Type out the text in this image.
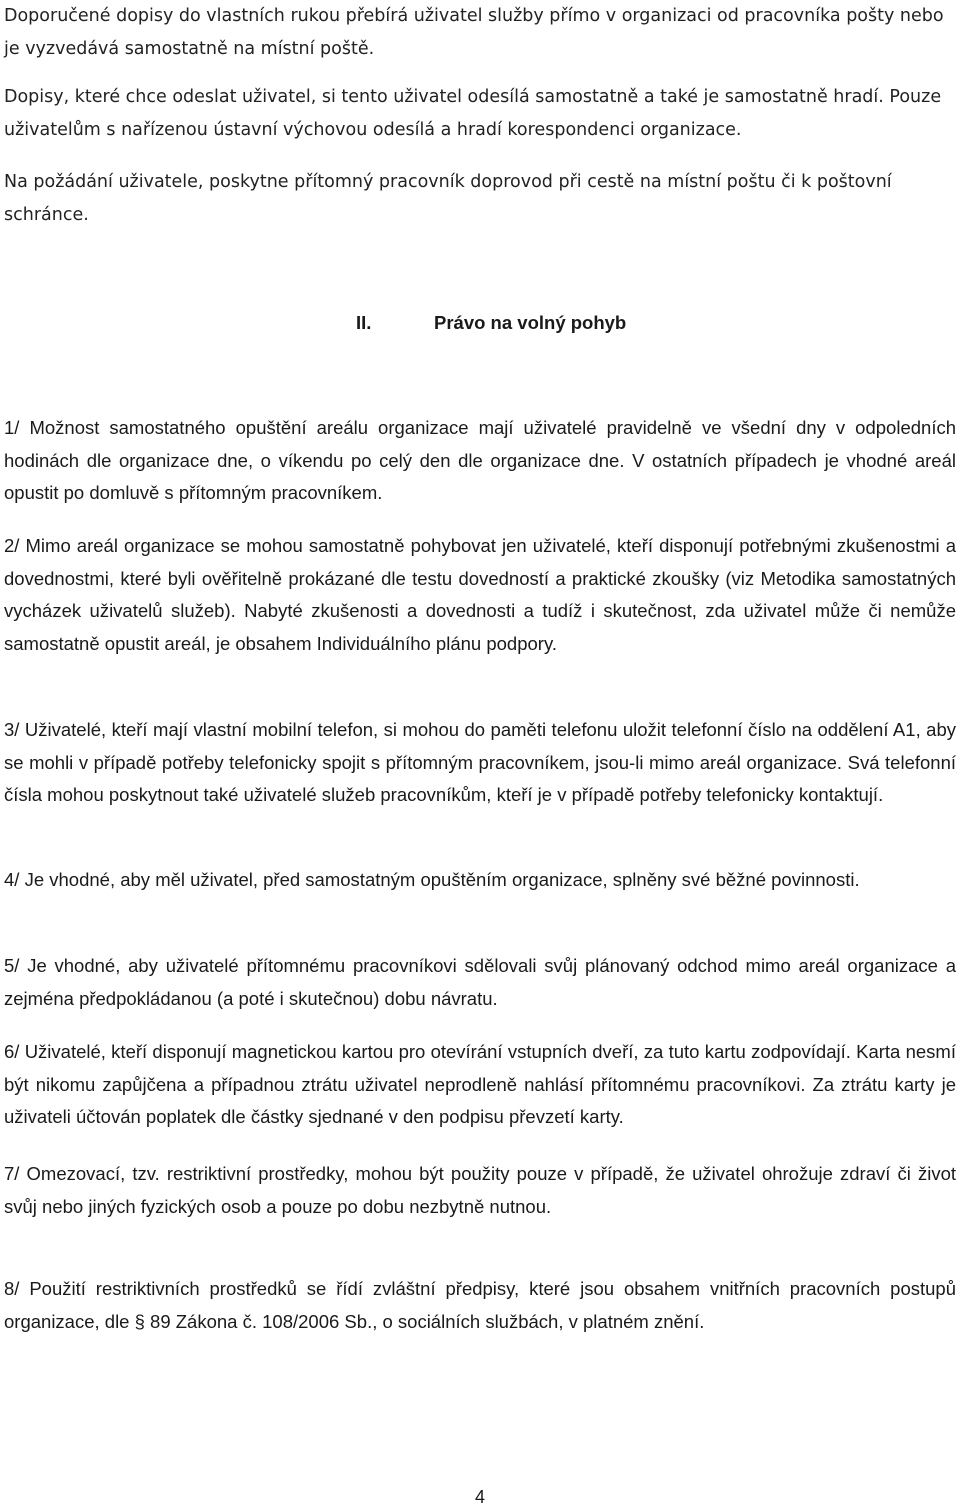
Doporučené dopisy do vlastních rukou přebírá uživatel služby přímo v organizaci od pracovníka pošty nebo je vyzvedává samostatně na místní poště.

Dopisy, které chce odeslat uživatel, si tento uživatel odesílá samostatně a také je samostatně hradí. Pouze uživatelům s nařízenou ústavní výchovou odesílá a hradí korespondenci organizace.

Na požádání uživatele, poskytne přítomný pracovník doprovod při cestě na místní poštu či k poštovní schránce.

II.	Právo na volný pohyb

1/ Možnost samostatného opuštění areálu organizace mají uživatelé pravidelně ve všední dny v odpoledních hodinách dle organizace dne, o víkendu po celý den dle organizace dne. V ostatních případech je vhodné areál opustit po domluvě s přítomným pracovníkem.

2/ Mimo areál organizace se mohou samostatně pohybovat jen uživatelé, kteří disponují potřebnými zkušenostmi a dovednostmi, které byli ověřitelně prokázané dle testu dovedností a praktické zkoušky (viz Metodika samostatných vycházek uživatelů služeb). Nabyté zkušenosti a dovednosti a tudíž i skutečnost, zda uživatel může či nemůže samostatně opustit areál, je obsahem Individuálního plánu podpory.

3/ Uživatelé, kteří mají vlastní mobilní telefon, si mohou do paměti telefonu uložit telefonní číslo na oddělení A1, aby se mohli v případě potřeby telefonicky spojit s přítomným pracovníkem, jsou-li mimo areál organizace. Svá telefonní čísla mohou poskytnout také uživatelé služeb pracovníkům, kteří je v případě potřeby telefonicky kontaktují.

4/ Je vhodné, aby měl uživatel, před samostatným opuštěním organizace, splněny své běžné povinnosti.

5/ Je vhodné, aby uživatelé přítomnému pracovníkovi sdělovali svůj plánovaný odchod mimo areál organizace a zejména předpokládanou (a poté i skutečnou) dobu návratu.

6/ Uživatelé, kteří disponují magnetickou kartou pro otevírání vstupních dveří, za tuto kartu zodpovídají. Karta nesmí být nikomu zapůjčena a případnou ztrátu uživatel neprodleně nahlásí přítomnému pracovníkovi. Za ztrátu karty je uživateli účtován poplatek dle částky sjednané v den podpisu převzetí karty.

7/ Omezovací, tzv. restriktivní prostředky, mohou být použity pouze v případě, že uživatel ohrožuje zdraví či život svůj nebo jiných fyzických osob a pouze po dobu nezbytně nutnou.

8/ Použití restriktivních prostředků se řídí zvláštní předpisy, které jsou obsahem vnitřních pracovních postupů organizace, dle § 89 Zákona č. 108/2006 Sb., o sociálních službách, v platném znění.

4
